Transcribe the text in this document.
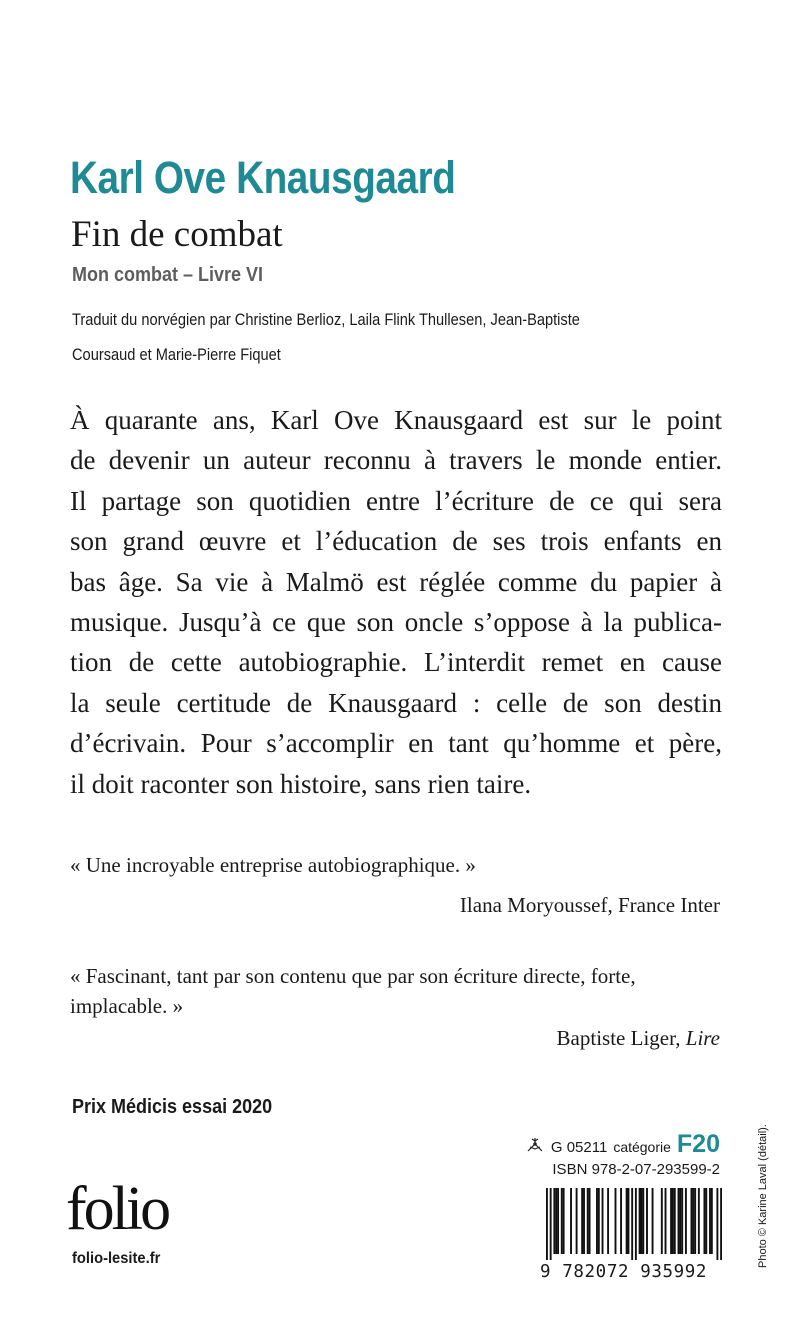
Karl Ove Knausgaard
Fin de combat
Mon combat – Livre VI
Traduit du norvégien par Christine Berlioz, Laila Flink Thullesen, Jean-Baptiste
Coursaud et Marie-Pierre Fiquet
À quarante ans, Karl Ove Knausgaard est sur le point
de devenir un auteur reconnu à travers le monde entier.
Il partage son quotidien entre l’écriture de ce qui sera
son grand œuvre et l’éducation de ses trois enfants en
bas âge. Sa vie à Malmö est réglée comme du papier à
musique. Jusqu’à ce que son oncle s’oppose à la publica-
tion de cette autobiographie. L’interdit remet en cause
la seule certitude de Knausgaard : celle de son destin
d’écrivain. Pour s’accomplir en tant qu’homme et père,
il doit raconter son histoire, sans rien taire.
« Une incroyable entreprise autobiographique. »
Ilana Moryoussef, France Inter
« Fascinant, tant par son contenu que par son écriture directe, forte,
implacable. »
Baptiste Liger, Lire
Prix Médicis essai 2020
G 05211 catégorie F20
ISBN 978-2-07-293599-2
9 782072 935992
folio
folio-lesite.fr	Photo © Karine Laval (détail).
